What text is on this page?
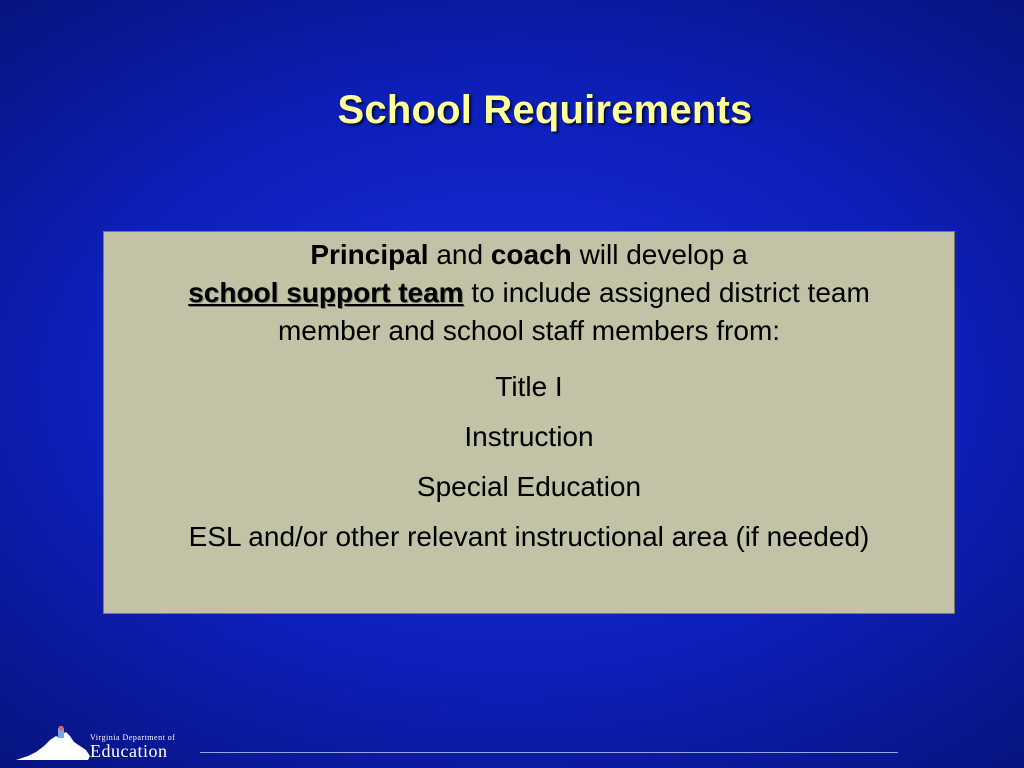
School Requirements
Principal and coach will develop a
school support team to include assigned district team
member and school staff members from:
Title I
Instruction
Special Education
ESL and/or other relevant instructional area (if needed)
Virginia Department of
Education
